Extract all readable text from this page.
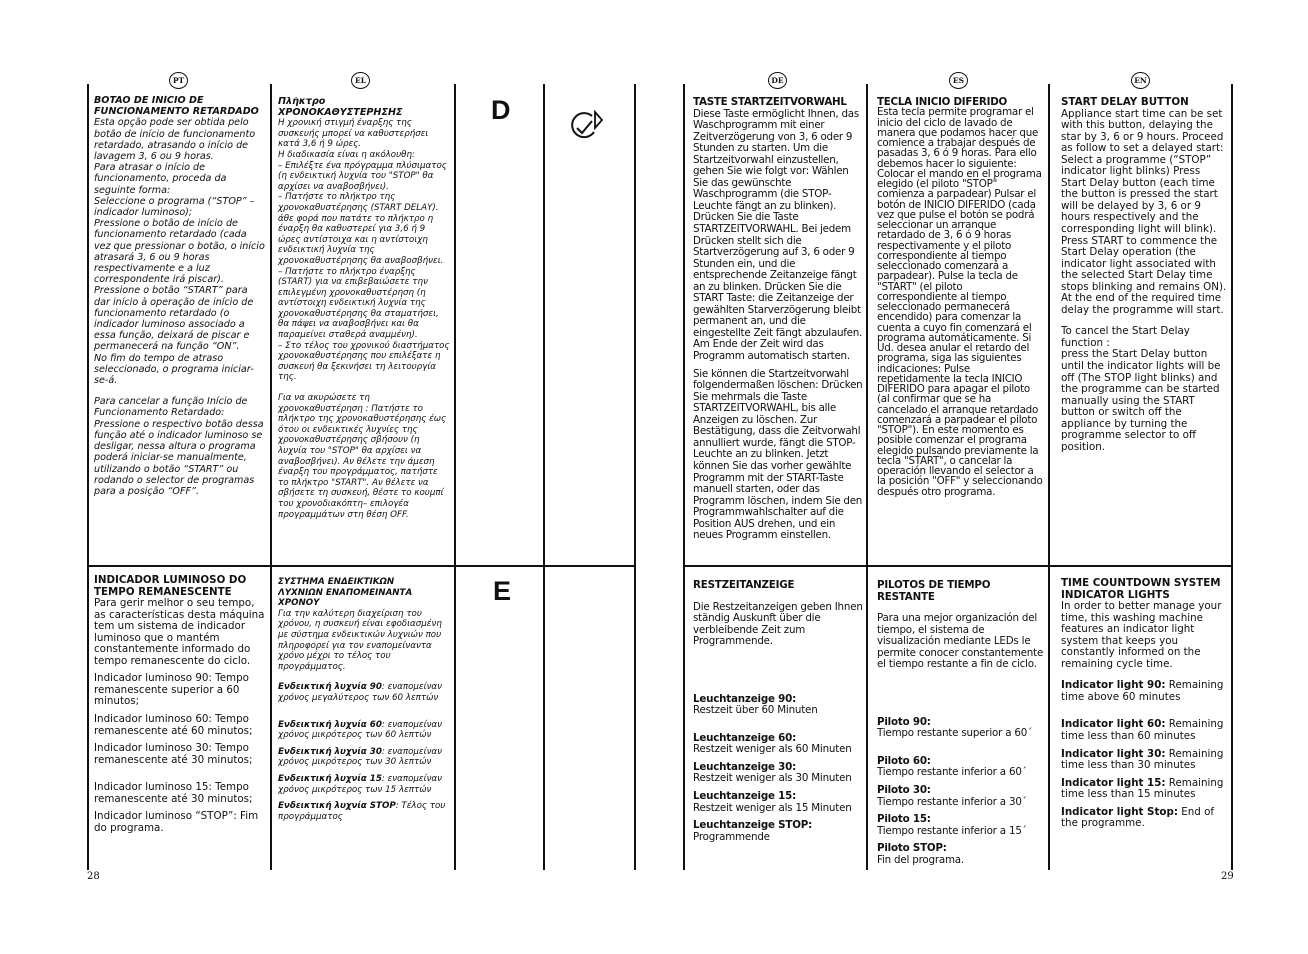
PT	EL	DE	ES	EN
D
E

BOTÃO DE INÍCIO DE

FUNCIONAMENTO RETARDADO

Esta opção pode ser obtida pelo botão de início de funcionamento retardado, atrasando o início de lavagem 3, 6 ou 9 horas.

Para atrasar o início de funcionamento, proceda da seguinte forma:

Seleccione o programa (“STOP” – indicador luminoso);

Pressione o botão de início de funcionamento retardado (cada vez que pressionar o botão, o início atrasará 3, 6 ou 9 horas respectivamente e a luz correspondente irá piscar).

Pressione o botão “START” para dar início à operação de início de funcionamento retardado (o indicador luminoso associado a essa função, deixará de piscar e permanecerá na função “ON”.

No fim do tempo de atraso seleccionado, o programa iniciar-se-á.

Para cancelar a função Início de Funcionamento Retardado: Pressione o respectivo botão dessa função até o indicador luminoso se desligar, nessa altura o programa poderá iniciar-se manualmente, utilizando o botão “START” ou rodando o selector de programas para a posição “OFF”.

INDICADOR LUMINOSO DO

TEMPO REMANESCENTE

Para gerir melhor o seu tempo, as características desta máquina tem um sistema de indicador luminoso que o mantém constantemente informado do tempo remanescente do ciclo.

Indicador luminoso 90: Tempo remanescente superior a 60 minutos;

Indicador luminoso 60: Tempo remanescente até 60 minutos;

Indicador luminoso 30: Tempo remanescente até 30 minutos;

Indicador luminoso 15: Tempo remanescente até 30 minutos;

Indicador luminoso “STOP”: Fim do programa.

Πλήκτρο

ΧΡΟΝΟΚΑΘΥΣΤΕΡΗΣΗΣ

Η χρονική στιγμή έναρξης της συσκευής μπορεί να καθυστερήσει κατά 3,6 ή 9 ώρες.

Η διαδικασία είναι η ακόλουθη:

– Επιλέξτε ένα πρόγραμμα πλύσιματος (η ενδεικτική λυχνία του "STOP" θα αρχίσει να αναβοσβήνει).

– Πατήστε το πλήκτρο της χρονοκαθυστέρησης (START DELAY). άθε φορά που πατάτε το πλήκτρο η έναρξη θα καθυστερεί για 3,6 ή 9 ώρες αντίστοιχα και η αντίστοιχη ενδεικτική λυχνία της χρονοκαθυστέρησης θα αναβοσβήνει.

– Πατήστε το πλήκτρο έναρξης (START) για να επιβεβαιώσετε την επιλεγμένη χρονοκαθυστέρηση (η αντίστοιχη ενδεικτική λυχνία της χρονοκαθυστέρησης θα σταματήσει, θα πάψει να αναβοσβήνει και θα παραμείνει σταθερά αναμμένη).

– Στο τέλος του χρονικού διαστήματος χρονοκαθυστέρησης που επιλέξατε η συσκευή θα ξεκινήσει τη λειτουργία της.

Για να ακυρώσετε τη χρονοκαθυστέρηση : Πατήστε το πλήκτρο της χρονοκαθυστέρησης έως ότου οι ενδεικτικές λυχνίες της χρονοκαθυστέρησης σβήσουν (η λυχνία του "STOP" θα αρχίσει να αναβοσβήνει). Αν θέλετε την άμεση έναρξη του προγράμματος, πατήστε το πλήκτρο "START". Αν θέλετε να σβήσετε τη συσκευή, θέστε το κουμπί του χρονοδιακόπτη– επιλογέα προγραμμάτων στη θέση OFF.

ΣΥΣΤΗΜΑ ΕΝΔΕΙΚΤΙΚΩΝ

ΛΥΧΝΙΩΝ ΕΝΑΠΟΜΕΙΝΑΝΤΑ ΧΡΟΝΟΥ

Για την καλύτερη διαχείριση του χρόνου, η συσκευή είναι εφοδιασμένη με σύστημα ενδεικτικών λυχνιών που πληροφορεί για τον εναπομείναντα χρόνο μέχρι το τέλος του προγράμματος.

Ενδεικτική λυχνία 90: εναπομείναν χρόνος μεγαλύτερος των 60 λεπτών

Ενδεικτική λυχνία 60: εναπομείναν χρόνος μικρότερος των 60 λεπτών

Ενδεικτική λυχνία 30: εναπομείναν χρόνος μικρότερος των 30 λεπτών

Ενδεικτική λυχνία 15: εναπομείναν χρόνος μικρότερος των 15 λεπτών

Ενδεικτική λυχνία STOP: Τέλος του προγράμματος

TASTE STARTZEITVORWAHL

Diese Taste ermöglicht Ihnen, das Waschprogramm mit einer Zeitverzögerung von 3, 6 oder 9 Stunden zu starten. Um die Startzeitvorwahl einzustellen, gehen Sie wie folgt vor: Wählen Sie das gewünschte Waschprogramm (die STOP-Leuchte fängt an zu blinken). Drücken Sie die Taste STARTZEITVORWAHL. Bei jedem Drücken stellt sich die Startverzögerung auf 3, 6 oder 9 Stunden ein, und die entsprechende Zeitanzeige fängt an zu blinken. Drücken Sie die START Taste: die Zeitanzeige der gewählten Starverzögerung bleibt permanent an, und die eingestellte Zeit fängt abzulaufen. Am Ende der Zeit wird das Programm automatisch starten.

Sie können die Startzeitvorwahl folgendermaßen löschen: Drücken Sie mehrmals die Taste STARTZEITVORWAHL, bis alle Anzeigen zu löschen. Zur Bestätigung, dass die Zeitvorwahl annulliert wurde, fängt die STOP-Leuchte an zu blinken. Jetzt können Sie das vorher gewählte Programm mit der START-Taste manuell starten, oder das Programm löschen, indem Sie den Programmwahlschalter auf die Position AUS drehen, und ein neues Programm einstellen.

RESTZEITANZEIGE

Die Restzeitanzeigen geben Ihnen ständig Auskunft über die verbleibende Zeit zum Programmende.

Leuchtanzeige 90:

Restzeit über 60 Minuten

Leuchtanzeige 60:

Restzeit weniger als 60 Minuten

Leuchtanzeige 30:

Restzeit weniger als 30 Minuten

Leuchtanzeige 15:

Restzeit weniger als 15 Minuten

Leuchtanzeige STOP:

Programmende

TECLA INICIO DIFERIDO

Esta tecla permite programar el inicio del ciclo de lavado de manera que podamos hacer que comience a trabajar después de pasadas 3, 6 ó 9 horas. Para ello debemos hacer lo siguiente: Colocar el mando en el programa elegido (el piloto "STOP" comienza a parpadear) Pulsar el botón de INICIO DIFERIDO (cada vez que pulse el botón se podrá seleccionar un arranque retardado de 3, 6 ó 9 horas respectivamente y el piloto correspondiente al tiempo seleccionado comenzará a parpadear). Pulse la tecla de "START" (el piloto correspondiente al tiempo seleccionado permanecerá encendido) para comenzar la cuenta a cuyo fin comenzará el programa automáticamente. Si Ud. desea anular el retardo del programa, siga las siguientes indicaciones: Pulse repetidamente la tecla INICIO DIFERIDO para apagar el piloto (al confirmar que se ha cancelado el arranque retardado comenzará a parpadear el piloto "STOP"). En este momento es posible comenzar el programa elegido pulsando previamente la tecla "START", o cancelar la operación llevando el selector a la posición "OFF" y seleccionando después otro programa.

PILOTOS DE TIEMPO RESTANTE

Para una mejor organización del tiempo, el sistema de visualización mediante LEDs le permite conocer constantemente el tiempo restante a fin de ciclo.

Piloto 90:

Tiempo restante superior a 60´

Piloto 60:

Tiempo restante inferior a 60´

Piloto 30:

Tiempo restante inferior a 30´

Piloto 15:

Tiempo restante inferior a 15´

Piloto STOP:

Fin del programa.

START DELAY BUTTON

Appliance start time can be set with this button, delaying the star by 3, 6 or 9 hours. Proceed as follow to set a delayed start:

Select a programme (“STOP” indicator light blinks) Press Start Delay button (each time the button is pressed the start will be delayed by 3, 6 or 9 hours respectively and the corresponding light will blink).

Press START to commence the Start Delay operation (the indicator light associated with the selected Start Delay time stops blinking and remains ON).

At the end of the required time delay the programme will start.

To cancel the Start Delay function :

press the Start Delay button until the indicator lights will be off (The STOP light blinks) and the programme can be started manually using the START button or switch off the appliance by turning the programme selector to off position.

TIME COUNTDOWN SYSTEM

INDICATOR LIGHTS

In order to better manage your time, this washing machine features an indicator light system that keeps you constantly informed on the remaining cycle time.

Indicator light 90: Remaining time above 60 minutes

Indicator light 60: Remaining time less than 60 minutes

Indicator light 30: Remaining time less than 30 minutes

Indicator light 15: Remaining time less than 15 minutes

Indicator light Stop: End of the programme.

28	29
